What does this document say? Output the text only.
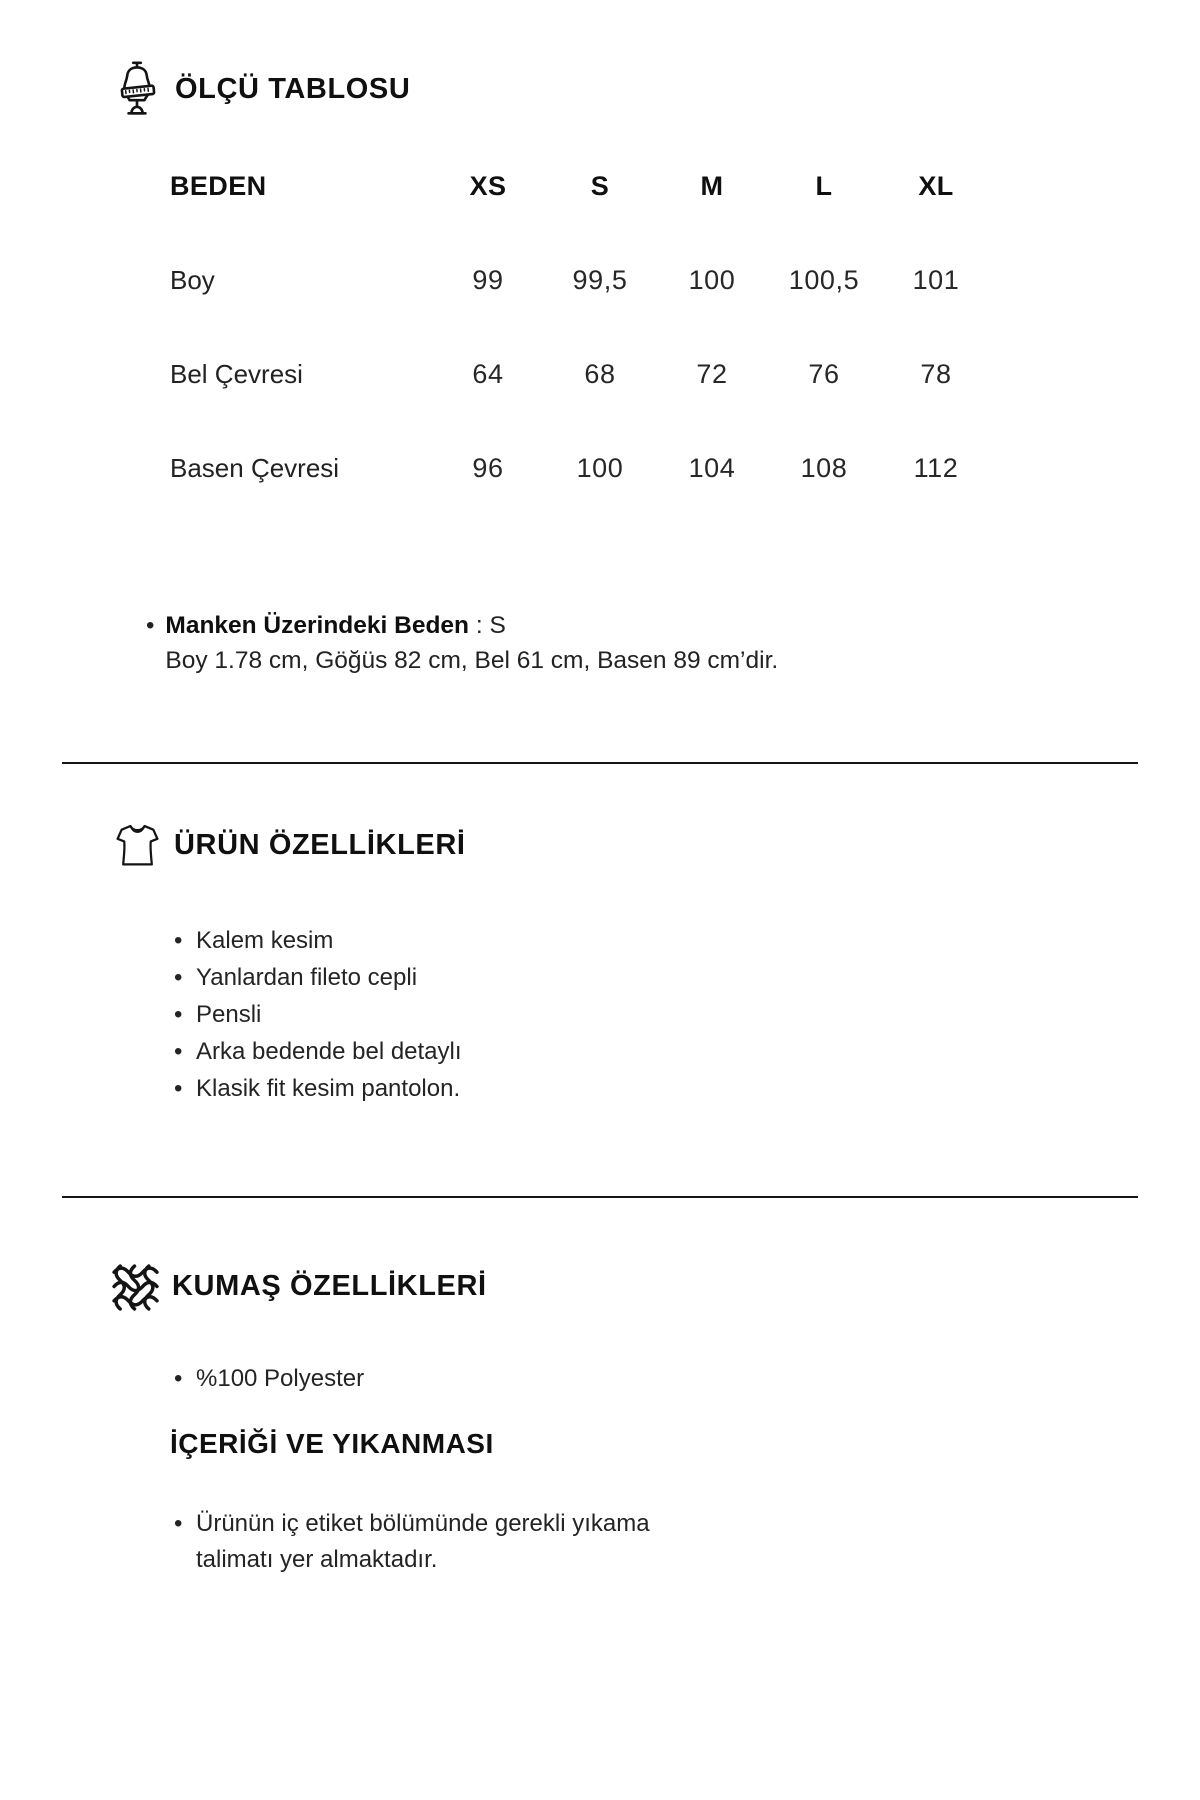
ÖLÇÜ TABLOSU
BEDEN	XS	S	M	L	XL
Boy	99	99,5	100	100,5	101
Bel Çevresi	64	68	72	76	78
Basen Çevresi	96	100	104	108	112
•
Manken Üzerindeki Beden : S
Boy 1.78 cm, Göğüs 82 cm, Bel 61 cm, Basen 89 cm’dir.
ÜRÜN ÖZELLİKLERİ
• Kalem kesim
• Yanlardan fileto cepli
• Pensli
• Arka bedende bel detaylı
• Klasik fit kesim pantolon.
KUMAŞ ÖZELLİKLERİ
• %100 Polyester
İÇERİĞİ VE YIKANMASI
• Ürünün iç etiket bölümünde gerekli yıkama talimatı yer almaktadır.
